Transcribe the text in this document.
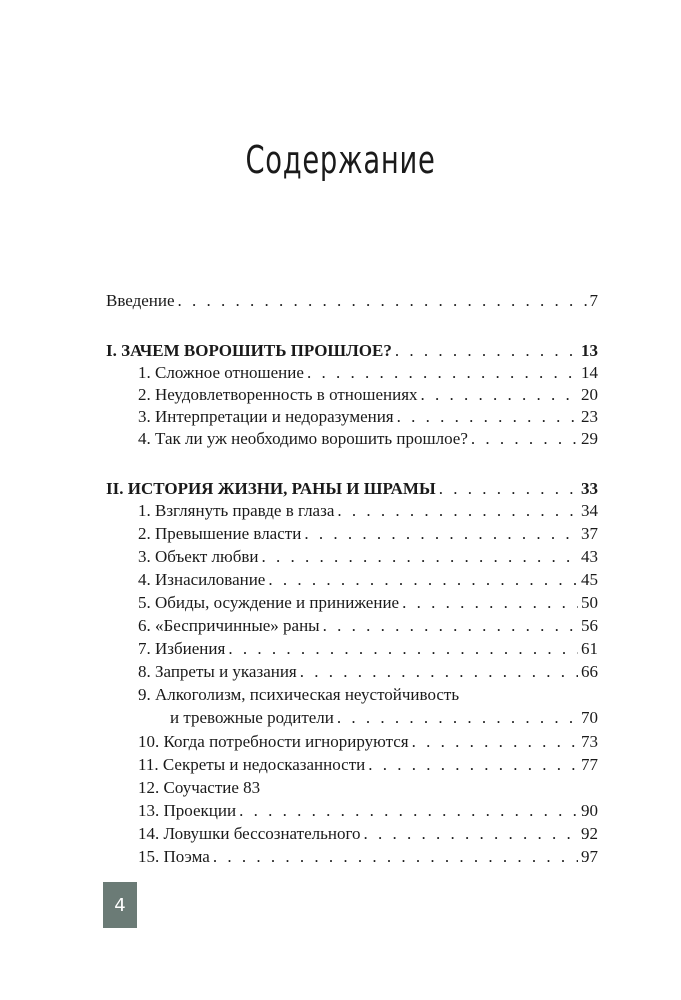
Содержание
Введение . . .	7
I. ЗАЧЕМ ВОРОШИТЬ ПРОШЛОЕ? . . .	13
1. Сложное отношение . . .	14
2. Неудовлетворенность в отношениях . . .	20
3. Интерпретации и недоразумения . . .	23
4. Так ли уж необходимо ворошить прошлое? . . .	29
II. ИСТОРИЯ ЖИЗНИ, РАНЫ И ШРАМЫ . . .	33
1. Взглянуть правде в глаза . . .	34
2. Превышение власти . . .	37
3. Объект любви . . .	43
4. Изнасилование . . .	45
5. Обиды, осуждение и принижение . . .	50
6. «Беспричинные» раны . . .	56
7. Избиения . . .	61
8. Запреты и указания . . .	66
9. Алкоголизм, психическая неустойчивость
и тревожные родители . . .	70
10. Когда потребности игнорируются . . .	73
11. Секреты и недосказанности . . .	77
12. Соучастие 83
13. Проекции . . .	90
14. Ловушки бессознательного . . .	92
15. Поэма . . .	97
4
